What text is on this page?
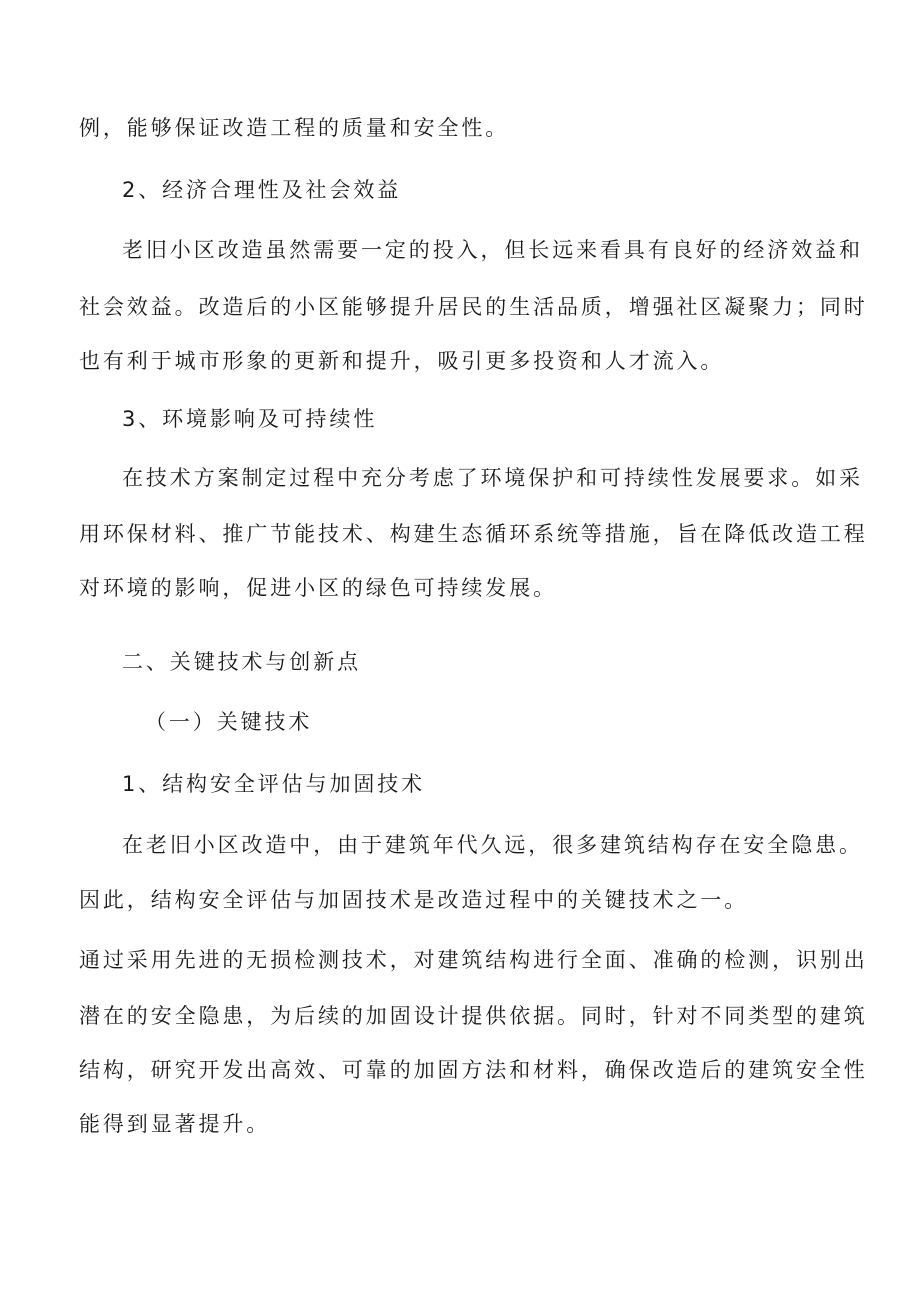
例，能够保证改造工程的质量和安全性。
2、经济合理性及社会效益
老旧小区改造虽然需要一定的投入，但长远来看具有良好的经济效益和
社会效益。改造后的小区能够提升居民的生活品质，增强社区凝聚力；同时
也有利于城市形象的更新和提升，吸引更多投资和人才流入。
3、环境影响及可持续性
在技术方案制定过程中充分考虑了环境保护和可持续性发展要求。如采
用环保材料、推广节能技术、构建生态循环系统等措施，旨在降低改造工程
对环境的影响，促进小区的绿色可持续发展。
二、关键技术与创新点
（一）关键技术
1、结构安全评估与加固技术
在老旧小区改造中，由于建筑年代久远，很多建筑结构存在安全隐患。
因此，结构安全评估与加固技术是改造过程中的关键技术之一。
通过采用先进的无损检测技术，对建筑结构进行全面、准确的检测，识别出
潜在的安全隐患，为后续的加固设计提供依据。同时，针对不同类型的建筑
结构，研究开发出高效、可靠的加固方法和材料，确保改造后的建筑安全性
能得到显著提升。
